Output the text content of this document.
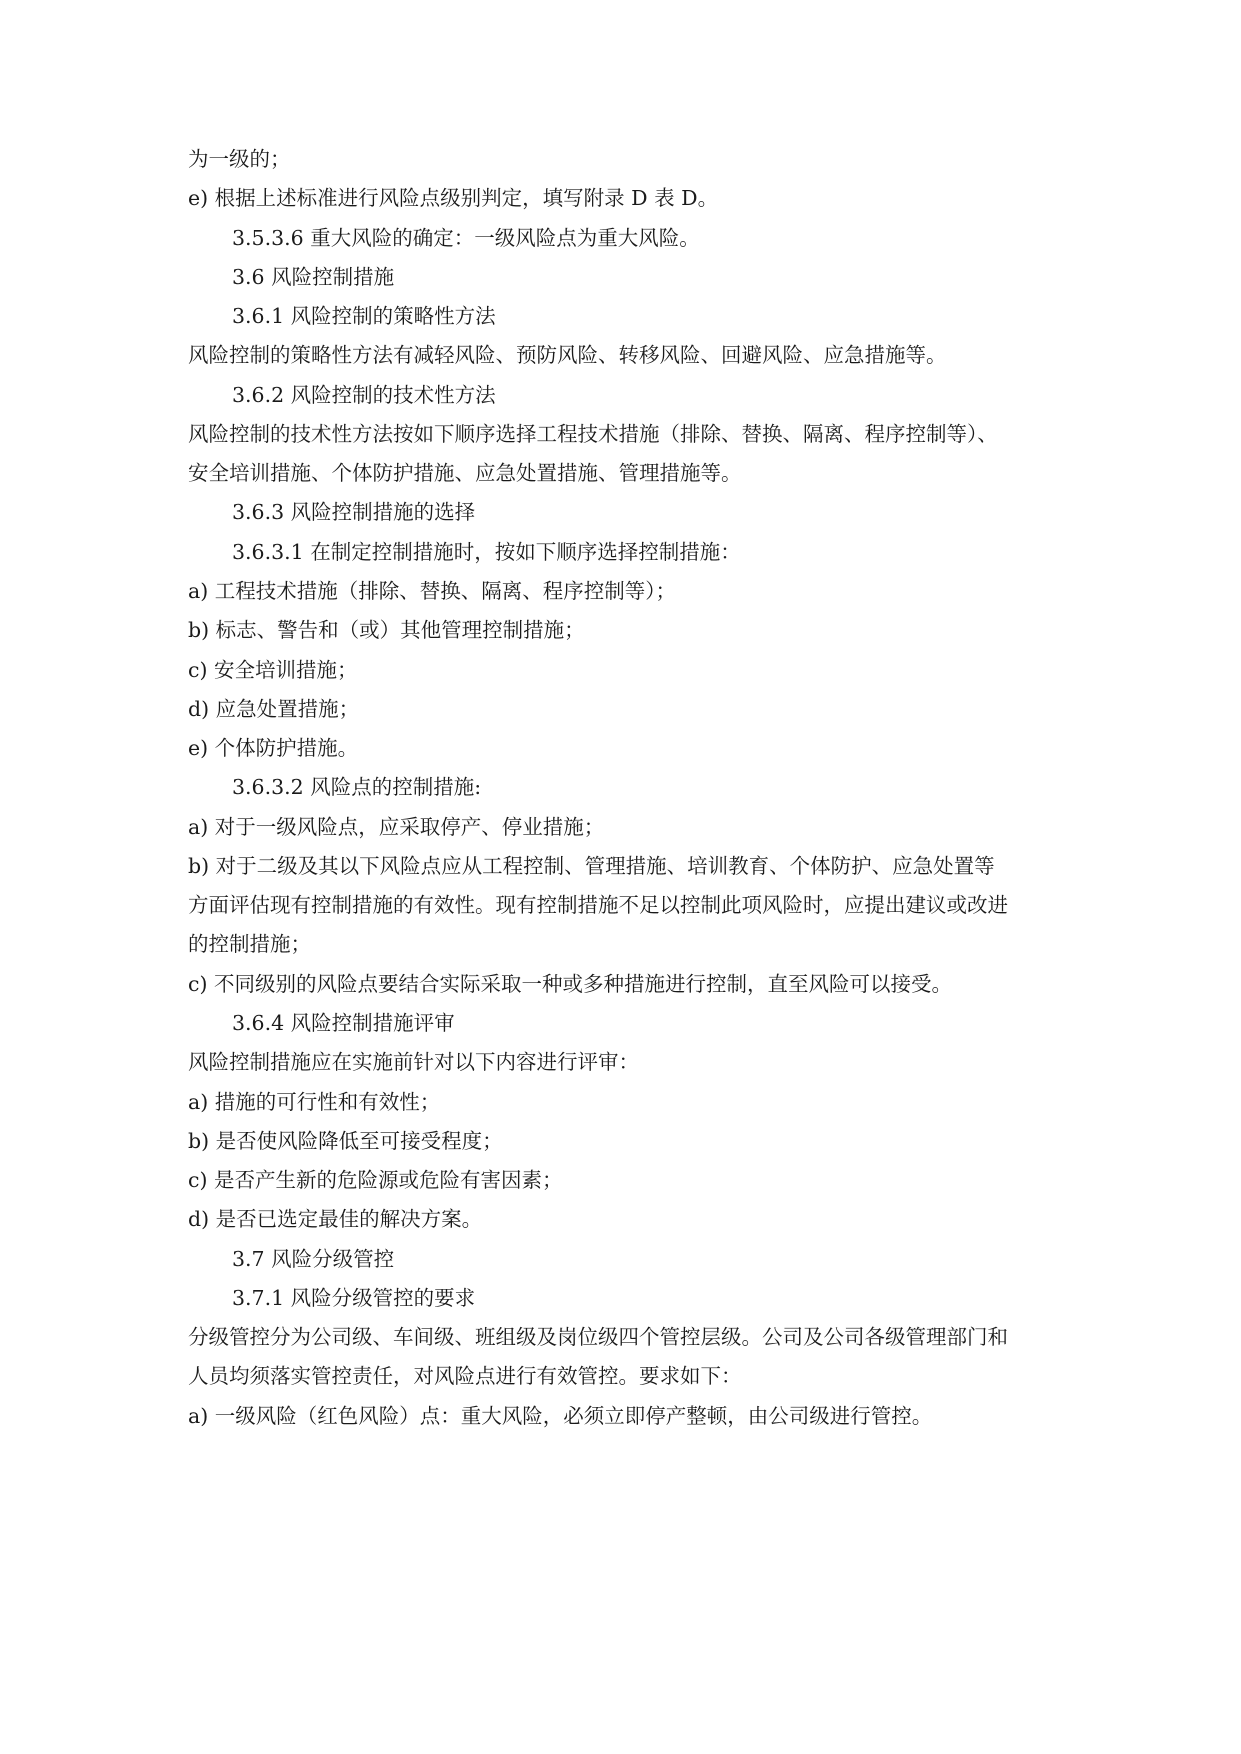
为一级的；
e) 根据上述标准进行风险点级别判定，填写附录 D 表 D。
3.5.3.6 重大风险的确定：一级风险点为重大风险。
3.6 风险控制措施
3.6.1 风险控制的策略性方法
风险控制的策略性方法有减轻风险、预防风险、转移风险、回避风险、应急措施等。
3.6.2 风险控制的技术性方法
风险控制的技术性方法按如下顺序选择工程技术措施（排除、替换、隔离、程序控制等）、
安全培训措施、个体防护措施、应急处置措施、管理措施等。
3.6.3 风险控制措施的选择
3.6.3.1 在制定控制措施时，按如下顺序选择控制措施：
a) 工程技术措施（排除、替换、隔离、程序控制等）；
b) 标志、警告和（或）其他管理控制措施；
c) 安全培训措施；
d) 应急处置措施；
e) 个体防护措施。
3.6.3.2 风险点的控制措施:
a) 对于一级风险点，应采取停产、停业措施；
b) 对于二级及其以下风险点应从工程控制、管理措施、培训教育、个体防护、应急处置等
方面评估现有控制措施的有效性。现有控制措施不足以控制此项风险时，应提出建议或改进
的控制措施；
c) 不同级别的风险点要结合实际采取一种或多种措施进行控制，直至风险可以接受。
3.6.4 风险控制措施评审
风险控制措施应在实施前针对以下内容进行评审：
a) 措施的可行性和有效性；
b) 是否使风险降低至可接受程度；
c) 是否产生新的危险源或危险有害因素；
d) 是否已选定最佳的解决方案。
3.7 风险分级管控
3.7.1 风险分级管控的要求
分级管控分为公司级、车间级、班组级及岗位级四个管控层级。公司及公司各级管理部门和
人员均须落实管控责任，对风险点进行有效管控。要求如下：
a) 一级风险（红色风险）点：重大风险，必须立即停产整顿，由公司级进行管控。
